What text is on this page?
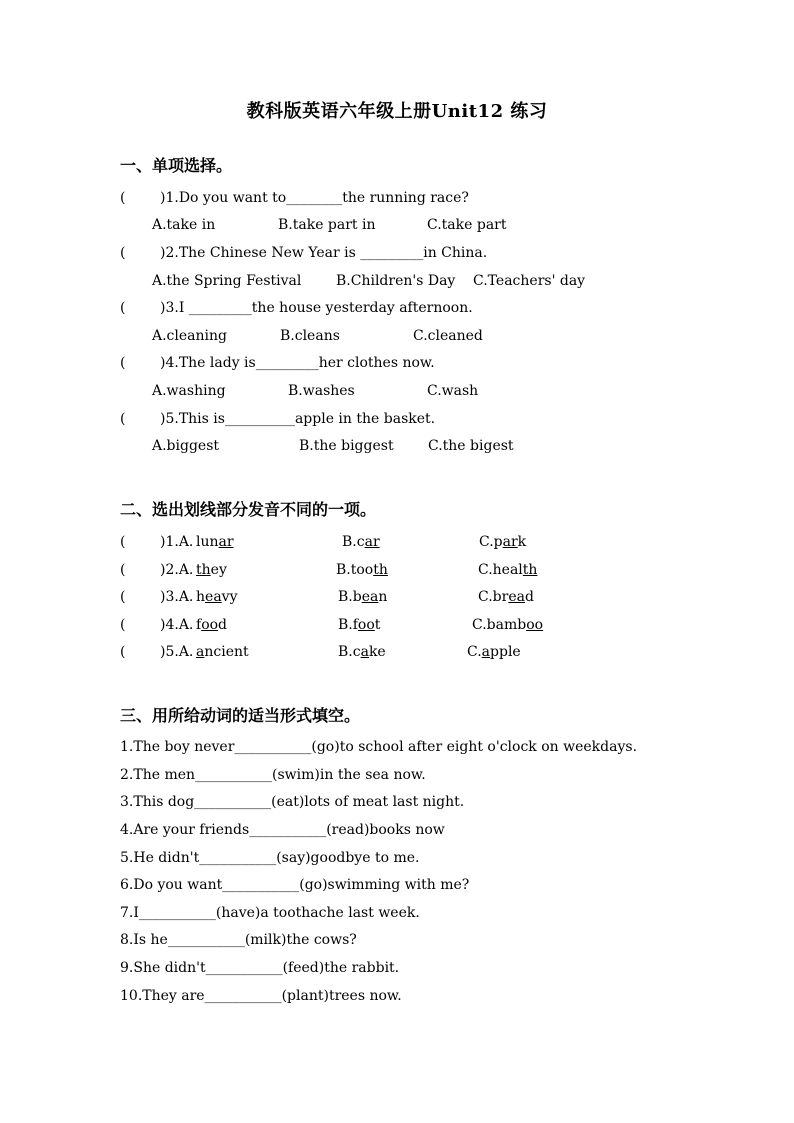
教科版英语六年级上册Unit12 练习
一、单项选择。
( )1.Do you want to________the running race?
A.take in	B.take part in	C.take part
( )2.The Chinese New Year is _________in China.
A.the Spring Festival B.Children's Day C.Teachers' day
( )3.I _________the house yesterday afternoon.
A.cleaning	B.cleans	C.cleaned
( )4.The lady is_________her clothes now.
A.washing	B.washes	C.wash
( )5.This is__________apple in the basket.
A.biggest	B.the biggest C.the bigest
二、选出划线部分发音不同的一项。
( )1.A. lunar	B.car	C.park
( )2.A. they	B.tooth	C.health
( )3.A. heavy	B.bean	C.bread
( )4.A. food	B.foot	C.bamboo
( )5.A. ancient	B.cake	C.apple
三、用所给动词的适当形式填空。
1.The boy never___________(go)to school after eight o'clock on weekdays.
2.The men___________(swim)in the sea now.
3.This dog___________(eat)lots of meat last night.
4.Are your friends___________(read)books now
5.He didn't___________(say)goodbye to me.
6.Do you want___________(go)swimming with me?
7.I___________(have)a toothache last week.
8.Is he___________(milk)the cows?
9.She didn't___________(feed)the rabbit.
10.They are___________(plant)trees now.
